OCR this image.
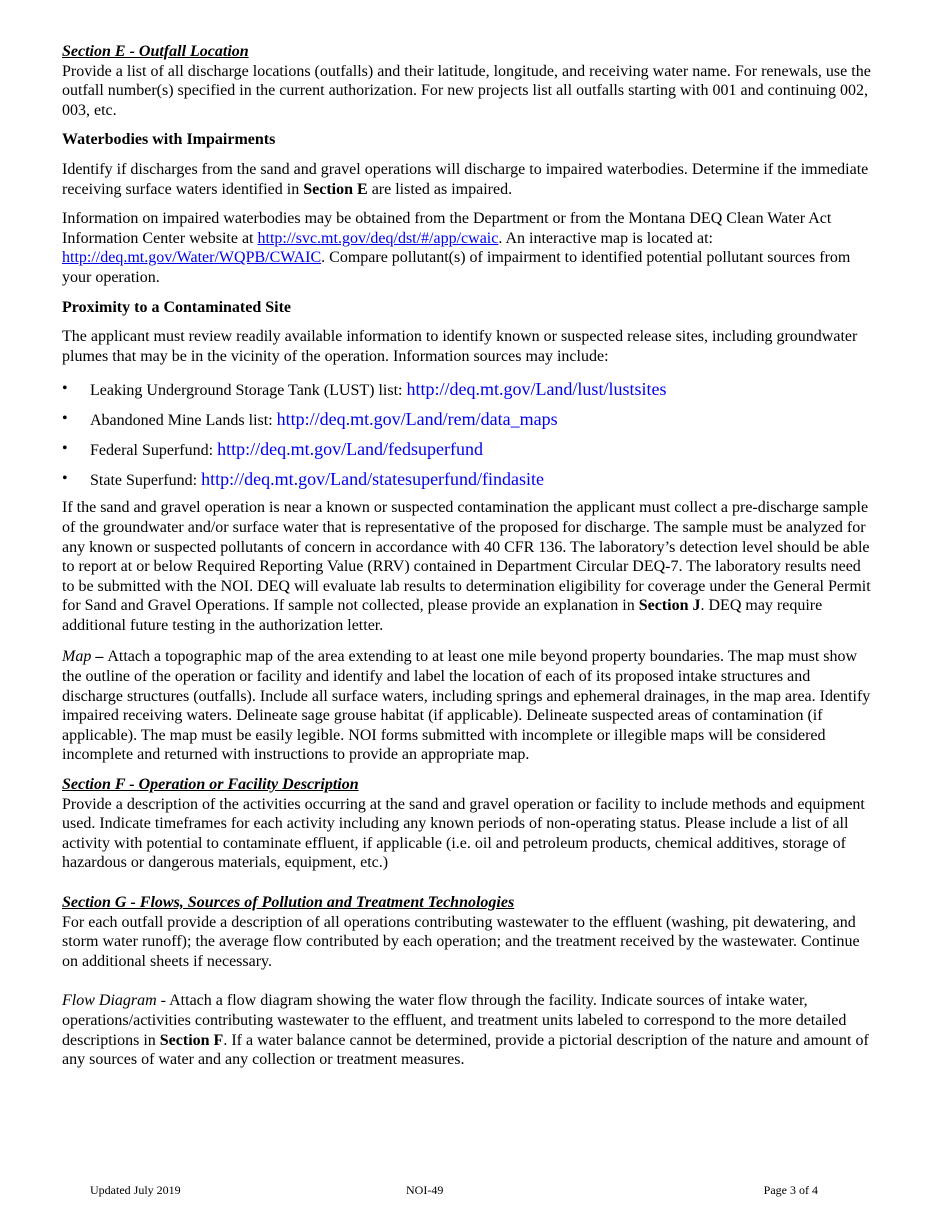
Section E - Outfall Location

Provide a list of all discharge locations (outfalls) and their latitude, longitude, and receiving water name. For renewals, use the outfall number(s) specified in the current authorization. For new projects list all outfalls starting with 001 and continuing 002, 003, etc.

Waterbodies with Impairments

Identify if discharges from the sand and gravel operations will discharge to impaired waterbodies. Determine if the immediate receiving surface waters identified in Section E are listed as impaired.

Information on impaired waterbodies may be obtained from the Department or from the Montana DEQ Clean Water Act Information Center website at http://svc.mt.gov/deq/dst/#/app/cwaic. An interactive map is located at: http://deq.mt.gov/Water/WQPB/CWAIC. Compare pollutant(s) of impairment to identified potential pollutant sources from your operation.

Proximity to a Contaminated Site

The applicant must review readily available information to identify known or suspected release sites, including groundwater plumes that may be in the vicinity of the operation. Information sources may include:

• Leaking Underground Storage Tank (LUST) list: http://deq.mt.gov/Land/lust/lustsites
• Abandoned Mine Lands list: http://deq.mt.gov/Land/rem/data_maps
• Federal Superfund: http://deq.mt.gov/Land/fedsuperfund
• State Superfund: http://deq.mt.gov/Land/statesuperfund/findasite

If the sand and gravel operation is near a known or suspected contamination the applicant must collect a pre-discharge sample of the groundwater and/or surface water that is representative of the proposed for discharge. The sample must be analyzed for any known or suspected pollutants of concern in accordance with 40 CFR 136. The laboratory’s detection level should be able to report at or below Required Reporting Value (RRV) contained in Department Circular DEQ-7. The laboratory results need to be submitted with the NOI. DEQ will evaluate lab results to determination eligibility for coverage under the General Permit for Sand and Gravel Operations. If sample not collected, please provide an explanation in Section J. DEQ may require additional future testing in the authorization letter.

Map – Attach a topographic map of the area extending to at least one mile beyond property boundaries. The map must show the outline of the operation or facility and identify and label the location of each of its proposed intake structures and discharge structures (outfalls). Include all surface waters, including springs and ephemeral drainages, in the map area. Identify impaired receiving waters. Delineate sage grouse habitat (if applicable). Delineate suspected areas of contamination (if applicable). The map must be easily legible. NOI forms submitted with incomplete or illegible maps will be considered incomplete and returned with instructions to provide an appropriate map.

Section F - Operation or Facility Description

Provide a description of the activities occurring at the sand and gravel operation or facility to include methods and equipment used. Indicate timeframes for each activity including any known periods of non-operating status. Please include a list of all activity with potential to contaminate effluent, if applicable (i.e. oil and petroleum products, chemical additives, storage of hazardous or dangerous materials, equipment, etc.)

Section G - Flows, Sources of Pollution and Treatment Technologies

For each outfall provide a description of all operations contributing wastewater to the effluent (washing, pit dewatering, and storm water runoff); the average flow contributed by each operation; and the treatment received by the wastewater. Continue on additional sheets if necessary.

Flow Diagram - Attach a flow diagram showing the water flow through the facility. Indicate sources of intake water, operations/activities contributing wastewater to the effluent, and treatment units labeled to correspond to the more detailed descriptions in Section F. If a water balance cannot be determined, provide a pictorial description of the nature and amount of any sources of water and any collection or treatment measures.

Updated July 2019	NOI-49	Page 3 of 4
